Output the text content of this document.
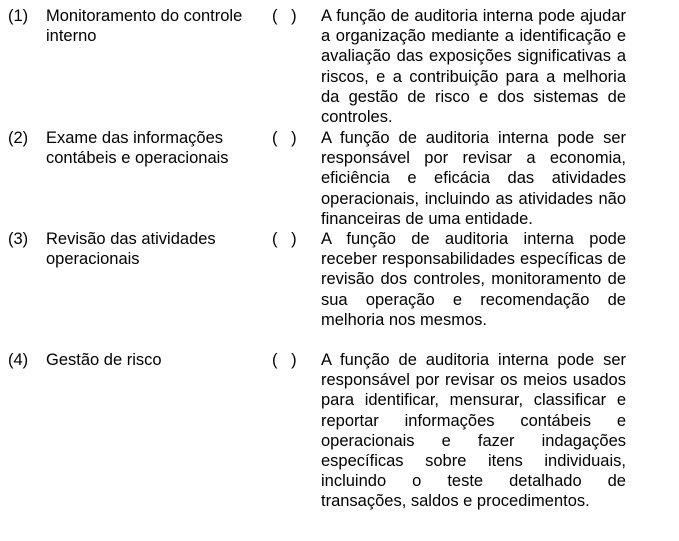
(1) Monitoramento do controle interno
( ) A função de auditoria interna pode ajudar a organização mediante a identificação e avaliação das exposições significativas a riscos, e a contribuição para a melhoria da gestão de risco e dos sistemas de controles.
(2) Exame das informações contábeis e operacionais
( ) A função de auditoria interna pode ser responsável por revisar a economia, eficiência e eficácia das atividades operacionais, incluindo as atividades não financeiras de uma entidade.
(3) Revisão das atividades operacionais
( ) A função de auditoria interna pode receber responsabilidades específicas de revisão dos controles, monitoramento de sua operação e recomendação de melhoria nos mesmos.
(4) Gestão de risco	( ) A função de auditoria interna pode ser responsável por revisar os meios usados para identificar, mensurar, classificar e reportar informações contábeis e operacionais e fazer indagações específicas sobre itens individuais, incluindo o teste detalhado de transações, saldos e procedimentos.
